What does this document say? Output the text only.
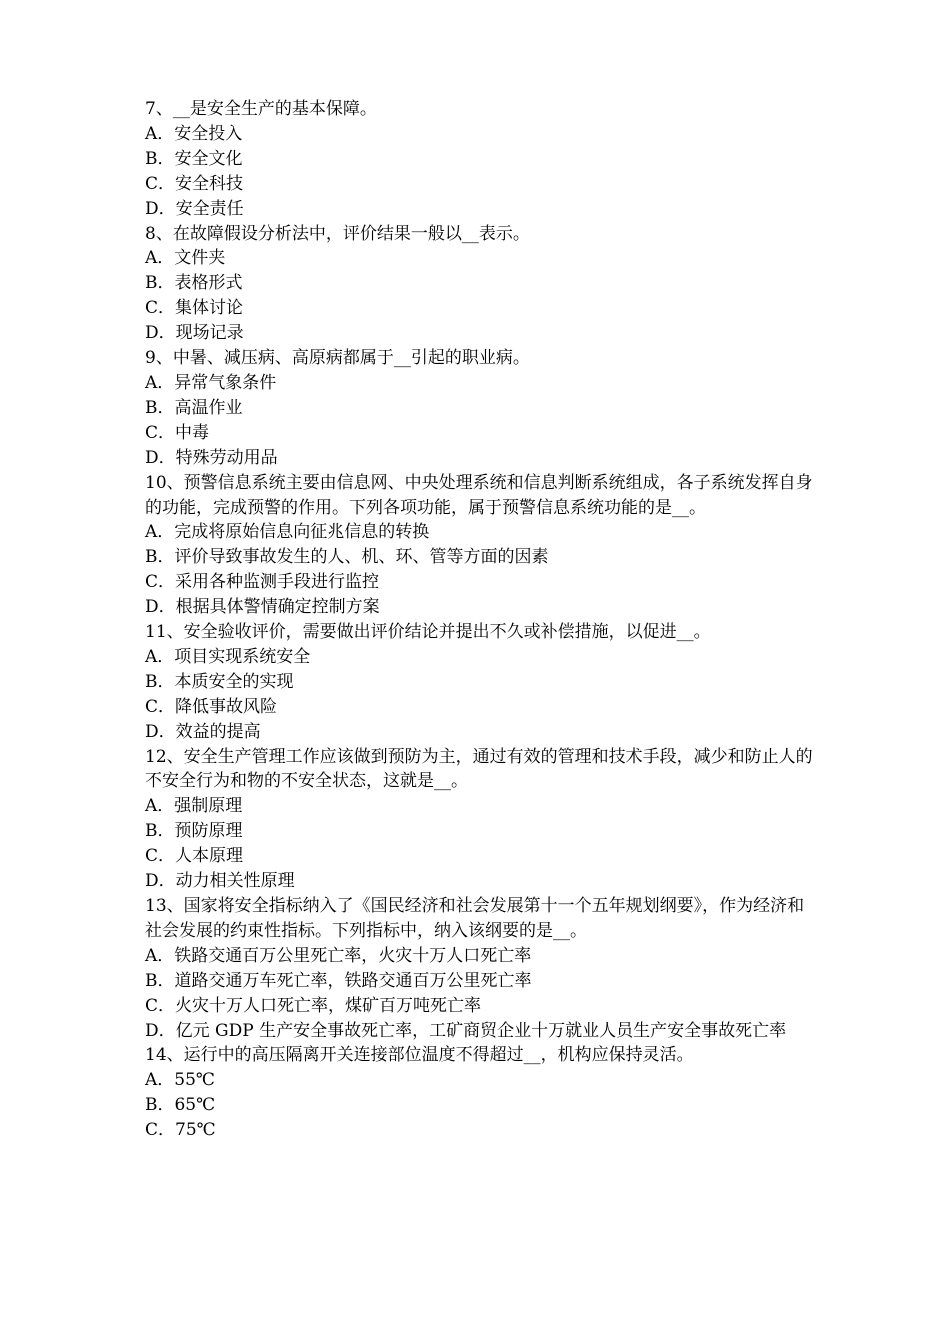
7、__是安全生产的基本保障。

A．安全投入

B．安全文化

C．安全科技

D．安全责任

8、在故障假设分析法中，评价结果一般以__表示。

A．文件夹

B．表格形式

C．集体讨论

D．现场记录

9、中暑、减压病、高原病都属于__引起的职业病。

A．异常气象条件

B．高温作业

C．中毒

D．特殊劳动用品

10、预警信息系统主要由信息网、中央处理系统和信息判断系统组成，各子系统发挥自身的功能，完成预警的作用。下列各项功能，属于预警信息系统功能的是__。

A．完成将原始信息向征兆信息的转换

B．评价导致事故发生的人、机、环、管等方面的因素

C．采用各种监测手段进行监控

D．根据具体警情确定控制方案

11、安全验收评价，需要做出评价结论并提出不久或补偿措施，以促进__。

A．项目实现系统安全

B．本质安全的实现

C．降低事故风险

D．效益的提高

12、安全生产管理工作应该做到预防为主，通过有效的管理和技术手段，减少和防止人的不安全行为和物的不安全状态，这就是__。

A．强制原理

B．预防原理

C．人本原理

D．动力相关性原理

13、国家将安全指标纳入了《国民经济和社会发展第十一个五年规划纲要》，作为经济和社会发展的约束性指标。下列指标中，纳入该纲要的是__。

A．铁路交通百万公里死亡率，火灾十万人口死亡率

B．道路交通万车死亡率，铁路交通百万公里死亡率

C．火灾十万人口死亡率，煤矿百万吨死亡率

D．亿元 GDP 生产安全事故死亡率，工矿商贸企业十万就业人员生产安全事故死亡率

14、运行中的高压隔离开关连接部位温度不得超过__，机构应保持灵活。

A．55℃

B．65℃

C．75℃
